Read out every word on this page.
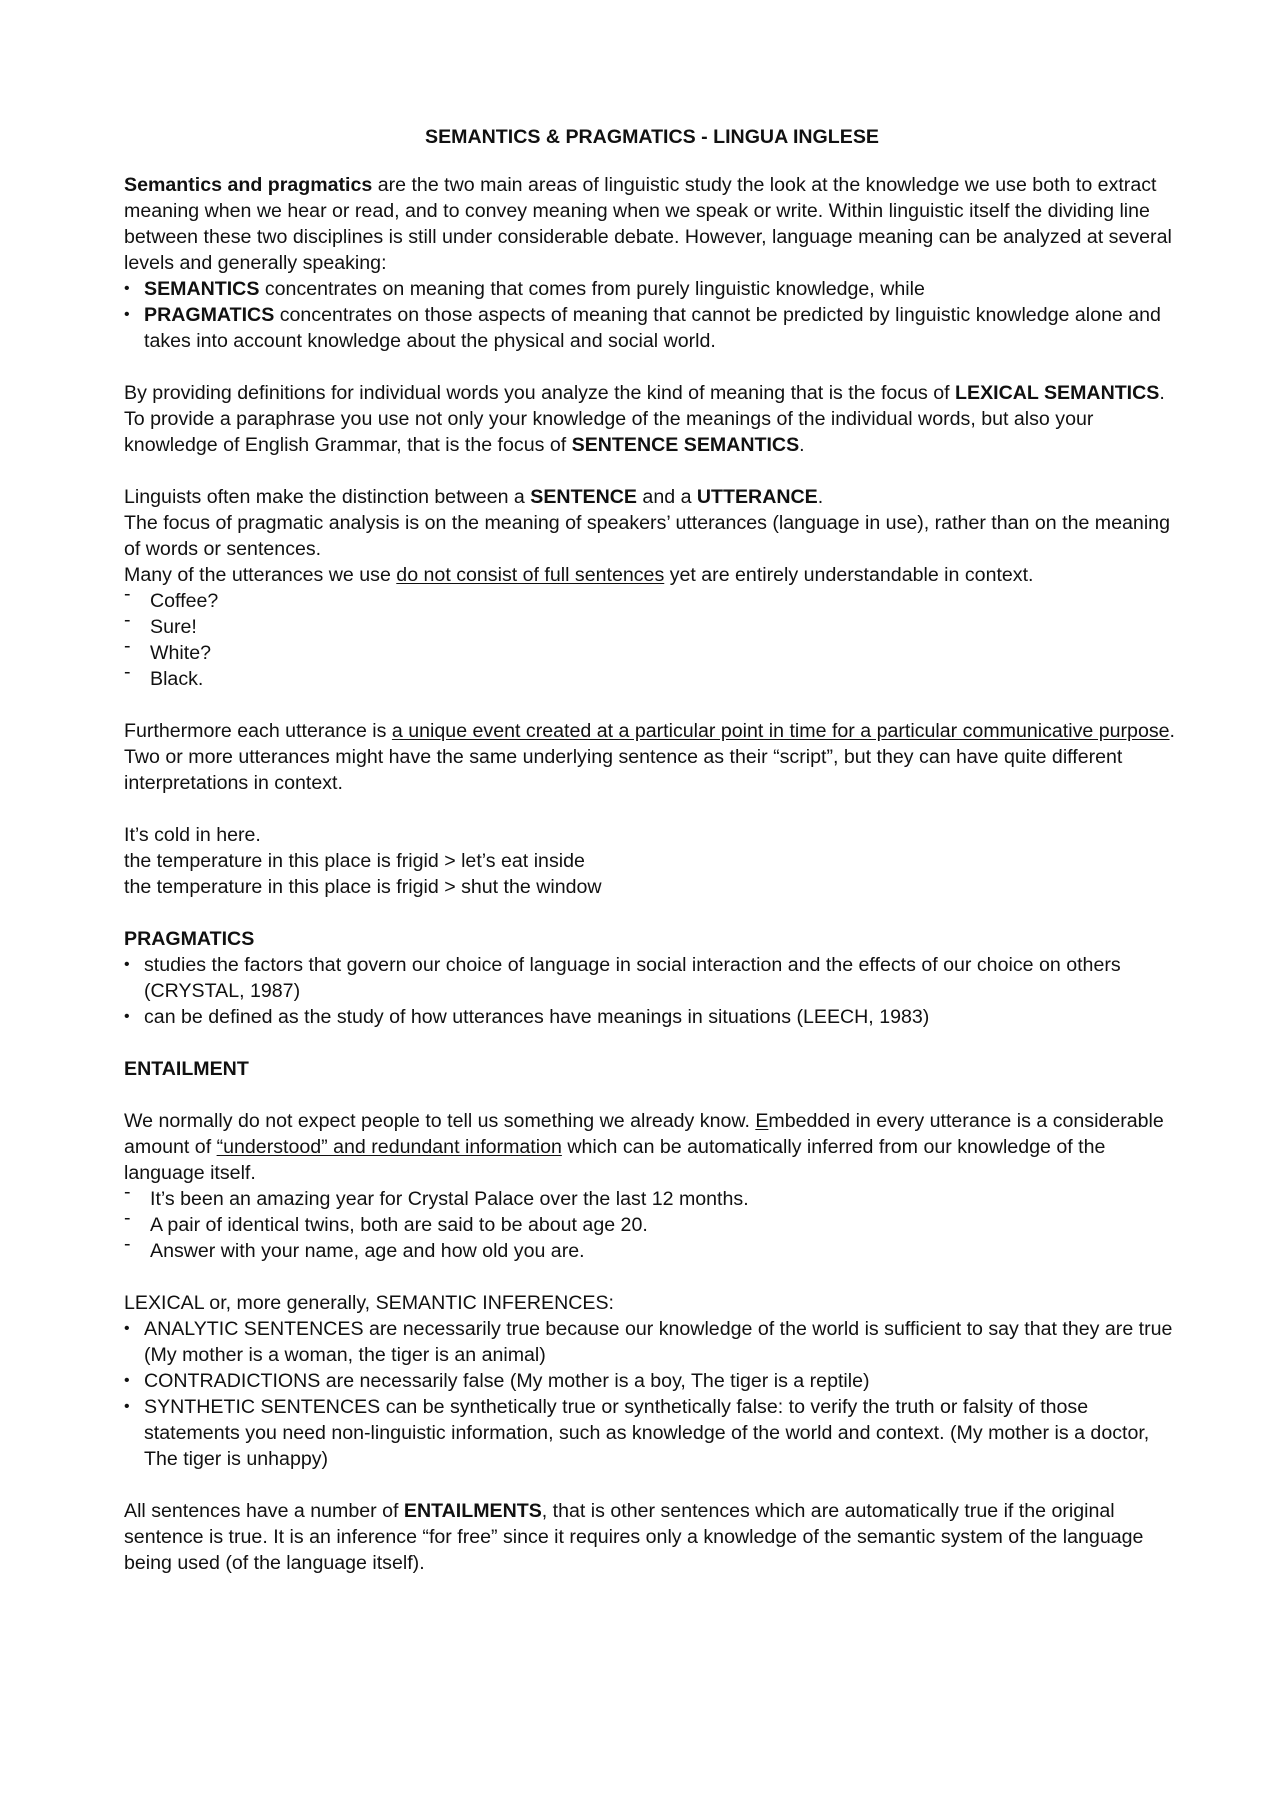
SEMANTICS & PRAGMATICS - LINGUA INGLESE

Semantics and pragmatics are the two main areas of linguistic study the look at the knowledge we use both to extract meaning when we hear or read, and to convey meaning when we speak or write. Within linguistic itself the dividing line between these two disciplines is still under considerable debate. However, language meaning can be analyzed at several levels and generally speaking:

• SEMANTICS concentrates on meaning that comes from purely linguistic knowledge, while
• PRAGMATICS concentrates on those aspects of meaning that cannot be predicted by linguistic knowledge alone and takes into account knowledge about the physical and social world.

By providing definitions for individual words you analyze the kind of meaning that is the focus of LEXICAL SEMANTICS. To provide a paraphrase you use not only your knowledge of the meanings of the individual words, but also your knowledge of English Grammar, that is the focus of SENTENCE SEMANTICS.

Linguists often make the distinction between a SENTENCE and a UTTERANCE.

The focus of pragmatic analysis is on the meaning of speakers’ utterances (language in use), rather than on the meaning of words or sentences.

Many of the utterances we use do not consist of full sentences yet are entirely understandable in context.

- Coffee?
- Sure!
- White?
- Black.

Furthermore each utterance is a unique event created at a particular point in time for a particular communicative purpose. Two or more utterances might have the same underlying sentence as their “script”, but they can have quite different interpretations in context.

It’s cold in here.

the temperature in this place is frigid > let’s eat inside

the temperature in this place is frigid > shut the window

PRAGMATICS

• studies the factors that govern our choice of language in social interaction and the effects of our choice on others (CRYSTAL, 1987)
• can be defined as the study of how utterances have meanings in situations (LEECH, 1983)

ENTAILMENT

We normally do not expect people to tell us something we already know. Embedded in every utterance is a considerable amount of “understood” and redundant information which can be automatically inferred from our knowledge of the language itself.

- It’s been an amazing year for Crystal Palace over the last 12 months.
- A pair of identical twins, both are said to be about age 20.
- Answer with your name, age and how old you are.

LEXICAL or, more generally, SEMANTIC INFERENCES:

• ANALYTIC SENTENCES are necessarily true because our knowledge of the world is sufficient to say that they are true (My mother is a woman, the tiger is an animal)
• CONTRADICTIONS are necessarily false (My mother is a boy, The tiger is a reptile)
• SYNTHETIC SENTENCES can be synthetically true or synthetically false: to verify the truth or falsity of those statements you need non-linguistic information, such as knowledge of the world and context. (My mother is a doctor, The tiger is unhappy)

All sentences have a number of ENTAILMENTS, that is other sentences which are automatically true if the original sentence is true. It is an inference “for free” since it requires only a knowledge of the semantic system of the language being used (of the language itself).
